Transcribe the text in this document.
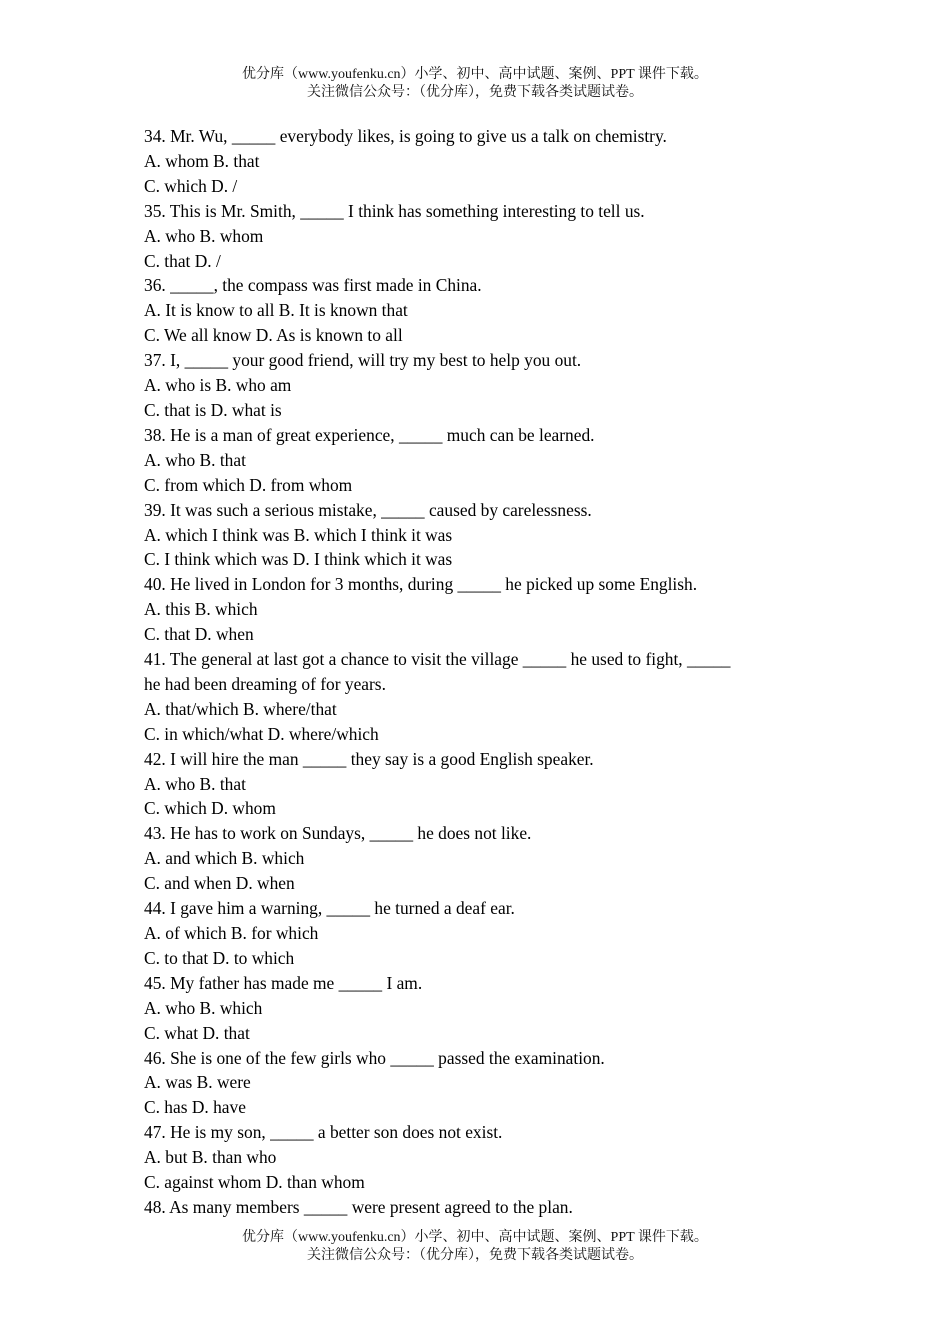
优分库（www.youfenku.cn）小学、初中、高中试题、案例、PPT 课件下载。
关注微信公众号：（优分库），免费下载各类试题试卷。
34. Mr. Wu, _____ everybody likes, is going to give us a talk on chemistry.
A. whom B. that
C. which D. /
35. This is Mr. Smith, _____ I think has something interesting to tell us.
A. who B. whom
C. that D. /
36. _____, the compass was first made in China.
A. It is know to all B. It is known that
C. We all know D. As is known to all
37. I, _____ your good friend, will try my best to help you out.
A. who is B. who am
C. that is D. what is
38. He is a man of great experience, _____ much can be learned.
A. who B. that
C. from which D. from whom
39. It was such a serious mistake, _____ caused by carelessness.
A. which I think was B. which I think it was
C. I think which was D. I think which it was
40. He lived in London for 3 months, during _____ he picked up some English.
A. this B. which
C. that D. when
41. The general at last got a chance to visit the village _____ he used to fight, _____
he had been dreaming of for years.
A. that/which B. where/that
C. in which/what D. where/which
42. I will hire the man _____ they say is a good English speaker.
A. who B. that
C. which D. whom
43. He has to work on Sundays, _____ he does not like.
A. and which B. which
C. and when D. when
44. I gave him a warning, _____ he turned a deaf ear.
A. of which B. for which
C. to that D. to which
45. My father has made me _____ I am.
A. who B. which
C. what D. that
46. She is one of the few girls who _____ passed the examination.
A. was B. were
C. has D. have
47. He is my son, _____ a better son does not exist.
A. but B. than who
C. against whom D. than whom
48. As many members _____ were present agreed to the plan.
优分库（www.youfenku.cn）小学、初中、高中试题、案例、PPT 课件下载。
关注微信公众号：（优分库），免费下载各类试题试卷。
